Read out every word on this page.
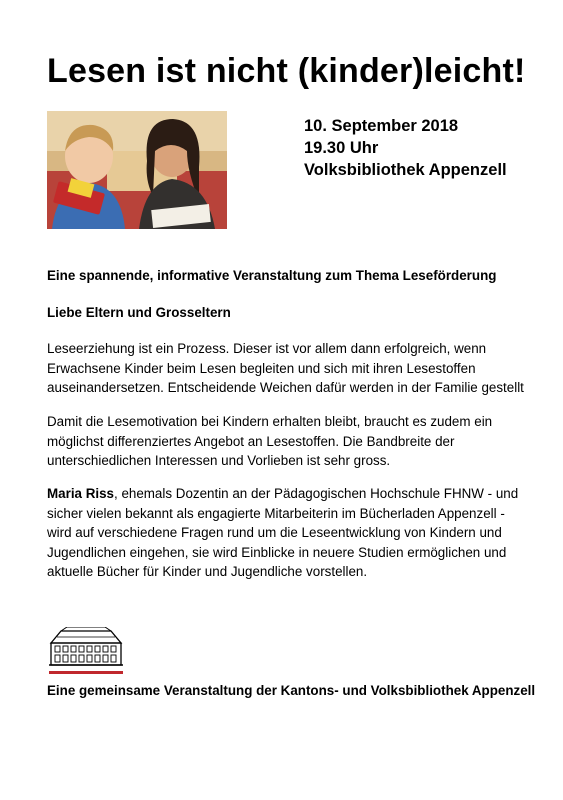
Lesen ist nicht (kinder)leicht!
10. September 2018
19.30 Uhr
Volksbibliothek Appenzell
Eine spannende, informative Veranstaltung zum Thema Leseförderung
Liebe Eltern und Grosseltern
Leseerziehung ist ein Prozess. Dieser ist vor allem dann erfolgreich, wenn Erwachsene Kinder beim Lesen begleiten und sich mit ihren Lesestoffen auseinandersetzen. Entscheidende Weichen dafür werden in der Familie gestellt
Damit die Lesemotivation bei Kindern erhalten bleibt, braucht es zudem ein möglichst differenziertes Angebot an Lesestoffen. Die Bandbreite der unterschiedlichen Interessen und Vorlieben ist sehr gross.
Maria Riss, ehemals Dozentin an der Pädagogischen Hochschule FHNW - und sicher vielen bekannt als engagierte Mitarbeiterin im Bücherladen Appenzell - wird auf verschiedene Fragen rund um die Leseentwicklung von Kindern und Jugendlichen eingehen, sie wird Einblicke in neuere Studien ermöglichen und aktuelle Bücher für Kinder und Jugendliche vorstellen.
Eine gemeinsame Veranstaltung der Kantons- und Volksbibliothek Appenzell
